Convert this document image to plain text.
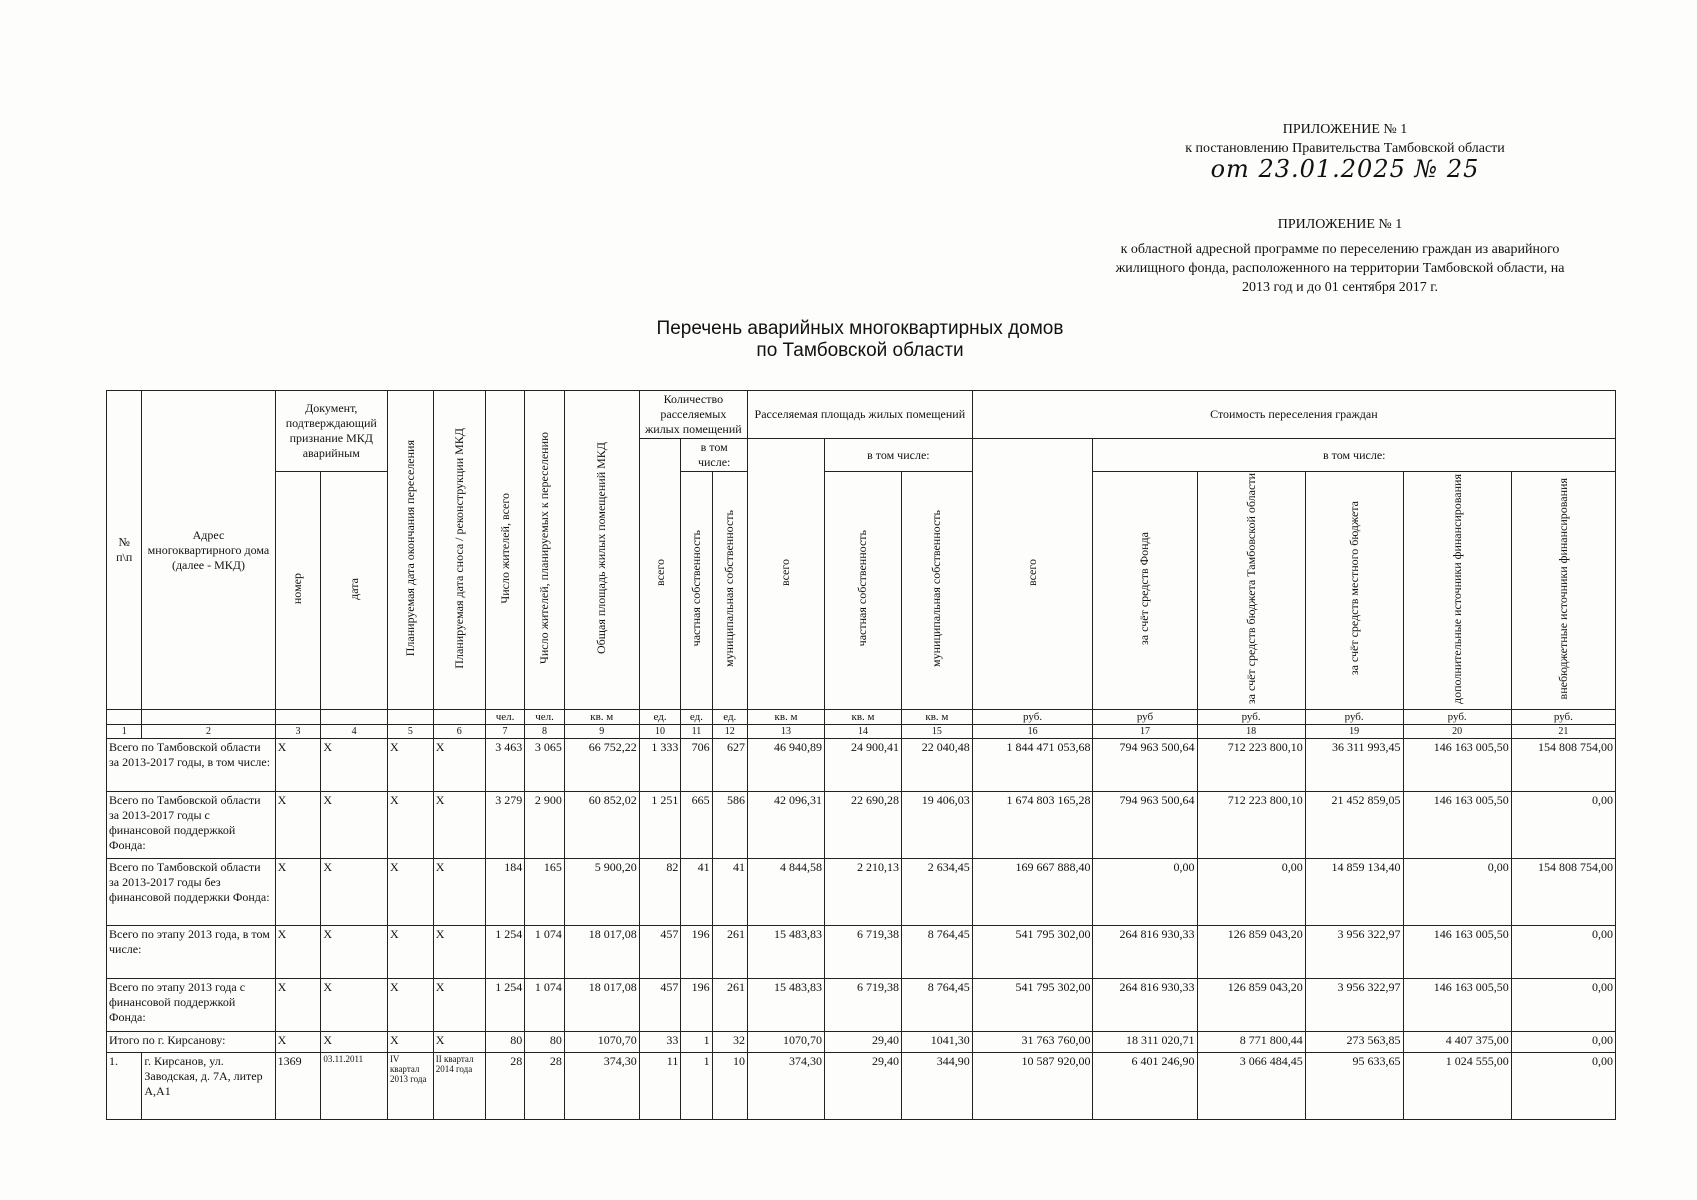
ПРИЛОЖЕНИЕ № 1
к постановлению Правительства Тамбовской области
от 23.01.2025 № 25
ПРИЛОЖЕНИЕ № 1
к областной адресной программе по переселению граждан из аварийного
жилищного фонда, расположенного на территории Тамбовской области, на
2013 год и до 01 сентября 2017 г.
Перечень аварийных многоквартирных домов
по Тамбовской области
№ п\п	Адрес многоквартирного дома (далее - МКД)	Документ, подтверждающий признание МКД аварийным		Планируемая дата окончания переселения	Планируемая дата сноса / реконструкции МКД	Число жителей, всего	Число жителей, планируемых к переселению	Общая площадь жилых помещений МКД	Количество расселяемых жилых помещений			Расселяемая площадь жилых помещений			Стоимость переселения граждан					
									всего	в том числе:		всего	в том числе:		всего	в том числе:				
		номер	дата							частная собственность	муниципальная собственность		частная собственность	муниципальная собственность		за счёт средств Фонда	за счёт средств бюджета Тамбовской области	за счёт средств местного бюджета	дополнительные источники финансирования	внебюджетные источники финансирования
						чел.	чел.	кв. м	ед.	ед.	ед.	кв. м	кв. м	кв. м	руб.	руб	руб.	руб.	руб.	руб.
1	2	3	4	5	6	7	8	9	10	11	12	13	14	15	16	17	18	19	20	21
Всего по Тамбовской области за 2013-2017 годы, в том числе:		X	X	X	X	3 463	3 065	66 752,22	1 333	706	627	46 940,89	24 900,41	22 040,48	1 844 471 053,68	794 963 500,64	712 223 800,10	36 311 993,45	146 163 005,50	154 808 754,00
Всего по Тамбовской области за 2013-2017 годы с финансовой поддержкой Фонда:		X	X	X	X	3 279	2 900	60 852,02	1 251	665	586	42 096,31	22 690,28	19 406,03	1 674 803 165,28	794 963 500,64	712 223 800,10	21 452 859,05	146 163 005,50	0,00
Всего по Тамбовской области за 2013-2017 годы без финансовой поддержки Фонда:		X	X	X	X	184	165	5 900,20	82	41	41	4 844,58	2 210,13	2 634,45	169 667 888,40	0,00	0,00	14 859 134,40	0,00	154 808 754,00
Всего по этапу 2013 года, в том числе:		X	X	X	X	1 254	1 074	18 017,08	457	196	261	15 483,83	6 719,38	8 764,45	541 795 302,00	264 816 930,33	126 859 043,20	3 956 322,97	146 163 005,50	0,00
Всего по этапу 2013 года с финансовой поддержкой Фонда:		X	X	X	X	1 254	1 074	18 017,08	457	196	261	15 483,83	6 719,38	8 764,45	541 795 302,00	264 816 930,33	126 859 043,20	3 956 322,97	146 163 005,50	0,00
Итого по г. Кирсанову:		X	X	X	X	80	80	1070,70	33	1	32	1070,70	29,40	1041,30	31 763 760,00	18 311 020,71	8 771 800,44	273 563,85	4 407 375,00	0,00
1.	г. Кирсанов, ул. Заводская, д. 7А, литер А,А1	1369	03.11.2011	IV квартал 2013 года	II квартал 2014 года	28	28	374,30	11	1	10	374,30	29,40	344,90	10 587 920,00	6 401 246,90	3 066 484,45	95 633,65	1 024 555,00	0,00
